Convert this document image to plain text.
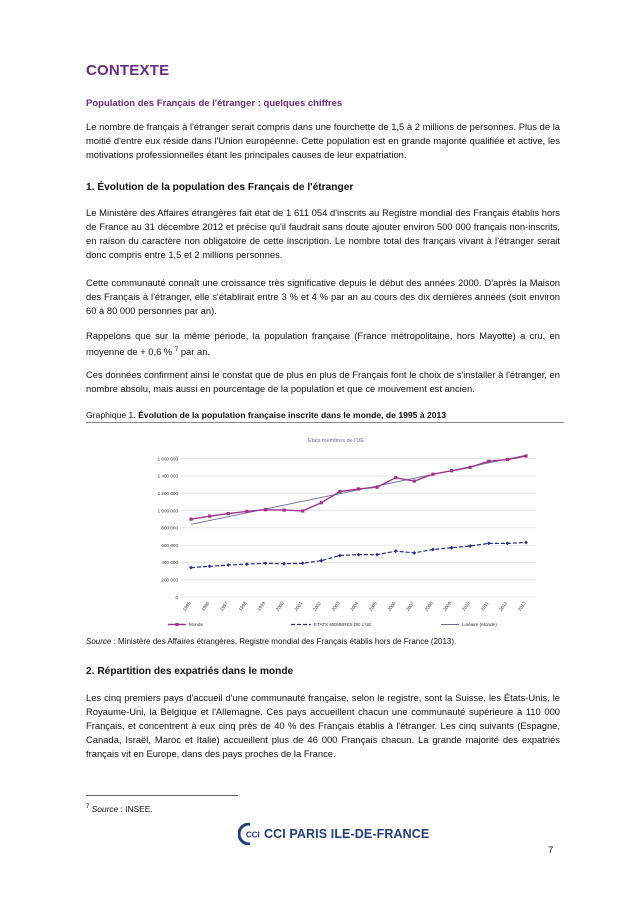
CONTEXTE
Population des Français de l'étranger : quelques chiffres
Le nombre de français à l'étranger serait compris dans une fourchette de 1,5 à 2 millions de personnes. Plus de la moitié d'entre eux réside dans l'Union européenne. Cette population est en grande majorité qualifiée et active, les motivations professionnelles étant les principales causes de leur expatriation.
1. Évolution de la population des Français de l'étranger
Le Ministère des Affaires étrangères fait état de 1 611 054 d'inscrits au Registre mondial des Français établis hors de France au 31 décembre 2012 et précise qu'il faudrait sans doute ajouter environ 500 000 français non-inscrits, en raison du caractère non obligatoire de cette inscription. Le nombre total des français vivant à l'étranger serait donc compris entre 1,5 et 2 millions personnes.
Cette communauté connaît une croissance très significative depuis le début des années 2000. D'après la Maison des Français à l'étranger, elle s'établirait entre 3 % et 4 % par an au cours des dix dernières années (soit environ 60 à 80 000 personnes par an).
Rappelons que sur la même période, la population française (France métropolitaine, hors Mayotte) a cru, en moyenne de + 0,6 % $^7$ par an.
Ces données confirment ainsi le constat que de plus en plus de Français font le choix de s'installer à l'étranger, en nombre absolu, mais aussi en pourcentage de la population et que ce mouvement est ancien.
Graphique 1. Évolution de la population française inscrite dans le monde, de 1995 à 2013
1995 1996 1997 1998 1999 2000 2001 2002 2003 2004 2005 2006 2007 2008 2009 2010 2011 2012 2013
0
200 000
400 000
600 000
800 000
1 000 000
1 200 000
1 400 000
1 600 000
Etats membres de l'UE
Monde	ETATS MEMBRES DE L'UE	Linéaire (Monde)
Source : Ministère des Affaires étrangères, Registre mondial des Français établis hors de France (2013).
2. Répartition des expatriés dans le monde
Les cinq premiers pays d'accueil d'une communauté française, selon le registre, sont la Suisse, les États-Unis, le Royaume-Uni, la Belgique et l'Allemagne. Ces pays accueillent chacun une communauté supérieure à 110 000 Français, et concentrent à eux cinq près de 40 % des Français établis à l'étranger. Les cinq suivants (Espagne, Canada, Israël, Maroc et Italie) accueillent plus de 46 000 Français chacun. La grande majorité des expatriés français vit en Europe, dans des pays proches de la France.
$^7$ Source : INSEE.
CCI CCI PARIS ILE-DE-FRANCE
7
